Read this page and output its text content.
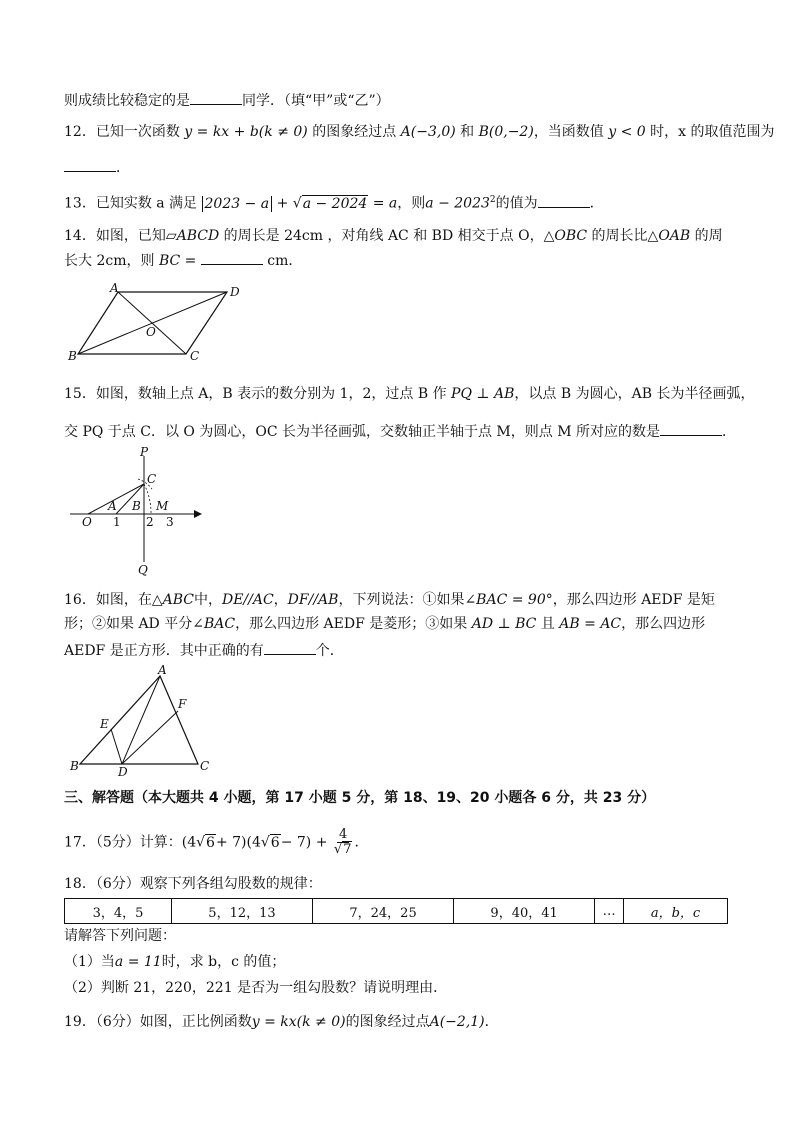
则成绩比较稳定的是	同学．（填“甲”或“乙”）
12．已知一次函数 y = kx + b(k ≠ 0) 的图象经过点 A(−3,0) 和 B(0,−2)，当函数值 y < 0 时，x 的取值范围为
．
13．已知实数 a 满足 2023 − a + √a − 2024 = a，则$a - 2023^2$的值为	．
14．如图，已知▱ABCD 的周长是 24cm ，对角线 AC 和 BD 相交于点 O，△OBC 的周长比△OAB 的周
长大 2cm，则 BC =	cm．
A	D
O
B	C
15．如图，数轴上点 A，B 表示的数分别为 1，2，过点 B 作 PQ ⊥ AB，以点 B 为圆心，AB 长为半径画弧，
交 PQ 于点 C．以 O 为圆心，OC 长为半径画弧，交数轴正半轴于点 M，则点 M 所对应的数是	．
P
C
A B M
O 1 2 3
Q
16．如图，在△ABC中，DE//AC，DF//AB，下列说法：①如果∠BAC = 90°，那么四边形 AEDF 是矩
形；②如果 AD 平分∠BAC，那么四边形 AEDF 是菱形；③如果 AD ⊥ BC 且 AB = AC，那么四边形
AEDF 是正方形．其中正确的有	个．
A
E
F
B	D	C
三、解答题（本大题共 4 小题，第 17 小题 5 分，第 18、19、20 小题各 6 分，共 23 分）
17．（5分）计算：$(4√6+ 7)(4√6- 7) + \frac{4}{√7}$ ．
18．（6分）观察下列各组勾股数的规律：
3，4，5	5，12，13	7，24，25	9，40，41	…	a，b，c
请解答下列问题：
（1）当a = 11时，求 b，c 的值；
（2）判断 21，220，221 是否为一组勾股数？请说明理由．
19．（6分）如图，正比例函数y = kx(k ≠ 0)的图象经过点A(−2,1)．
